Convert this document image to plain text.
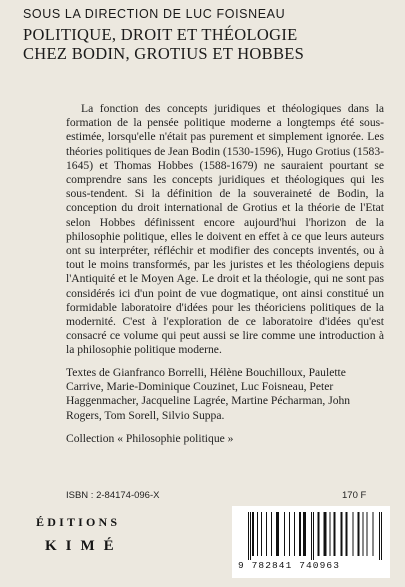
SOUS LA DIRECTION DE LUC FOISNEAU
POLITIQUE, DROIT ET THÉOLOGIE
CHEZ BODIN, GROTIUS ET HOBBES

La fonction des concepts juridiques et théologiques dans la formation de la pensée politique moderne a longtemps été sous-estimée, lorsqu'elle n'était pas purement et simplement ignorée. Les théories politiques de Jean Bodin (1530-1596), Hugo Grotius (1583-1645) et Thomas Hobbes (1588-1679) ne sauraient pourtant se comprendre sans les concepts juridiques et théologiques qui les sous-tendent. Si la définition de la souveraineté de Bodin, la conception du droit international de Grotius et la théorie de l'Etat selon Hobbes définissent encore aujourd'hui l'horizon de la philosophie politique, elles le doivent en effet à ce que leurs auteurs ont su interpréter, réfléchir et modifier des concepts inventés, ou à tout le moins transformés, par les juristes et les théologiens depuis l'Antiquité et le Moyen Age. Le droit et la théologie, qui ne sont pas considérés ici d'un point de vue dogmatique, ont ainsi constitué un formidable laboratoire d'idées pour les théoriciens politiques de la modernité. C'est à l'exploration de ce laboratoire d'idées qu'est consacré ce volume qui peut aussi se lire comme une introduction à la philosophie politique moderne.

Textes de Gianfranco Borrelli, Hélène Bouchilloux, Paulette Carrive, Marie-Dominique Couzinet, Luc Foisneau, Peter Haggenmacher, Jacqueline Lagrée, Martine Pécharman, John Rogers, Tom Sorell, Silvio Suppa.

Collection « Philosophie politique »
ISBN : 2-84174-096-X	170 F
ÉDITIONS
KIMÉ
9 782841 740963
